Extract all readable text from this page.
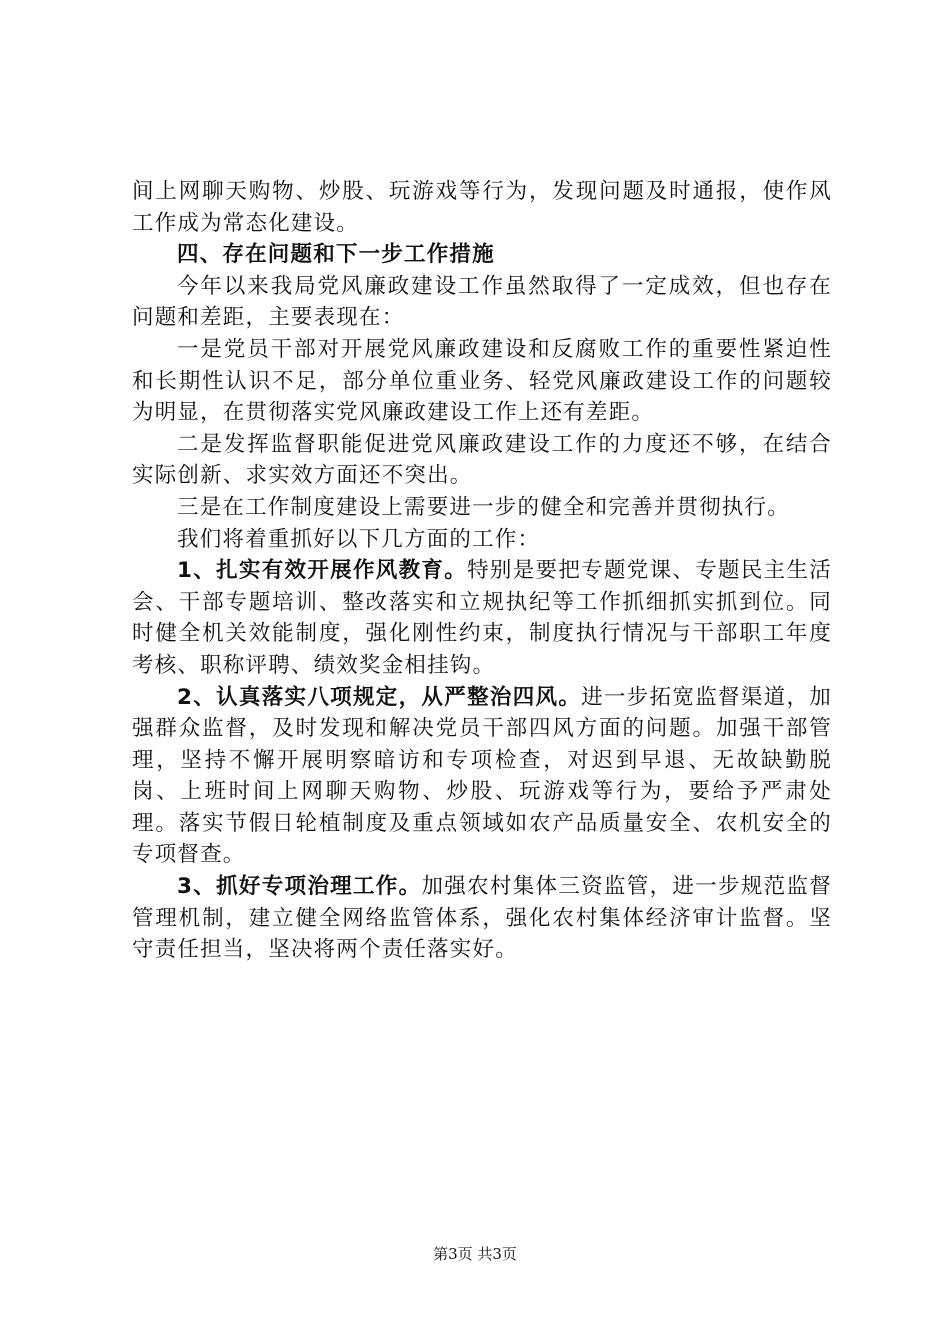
间上网聊天购物、炒股、玩游戏等行为，发现问题及时通报，使作风工作成为常态化建设。

四、存在问题和下一步工作措施

今年以来我局党风廉政建设工作虽然取得了一定成效，但也存在问题和差距，主要表现在：

一是党员干部对开展党风廉政建设和反腐败工作的重要性紧迫性和长期性认识不足，部分单位重业务、轻党风廉政建设工作的问题较为明显，在贯彻落实党风廉政建设工作上还有差距。

二是发挥监督职能促进党风廉政建设工作的力度还不够，在结合实际创新、求实效方面还不突出。

三是在工作制度建设上需要进一步的健全和完善并贯彻执行。

我们将着重抓好以下几方面的工作：

1、扎实有效开展作风教育。特别是要把专题党课、专题民主生活会、干部专题培训、整改落实和立规执纪等工作抓细抓实抓到位。同时健全机关效能制度，强化刚性约束，制度执行情况与干部职工年度考核、职称评聘、绩效奖金相挂钩。

2、认真落实八项规定，从严整治四风。进一步拓宽监督渠道，加强群众监督，及时发现和解决党员干部四风方面的问题。加强干部管理，坚持不懈开展明察暗访和专项检查，对迟到早退、无故缺勤脱岗、上班时间上网聊天购物、炒股、玩游戏等行为，要给予严肃处理。落实节假日轮植制度及重点领域如农产品质量安全、农机安全的专项督查。

3、抓好专项治理工作。加强农村集体三资监管，进一步规范监督管理机制，建立健全网络监管体系，强化农村集体经济审计监督。坚守责任担当，坚决将两个责任落实好。

第3页 共3页
